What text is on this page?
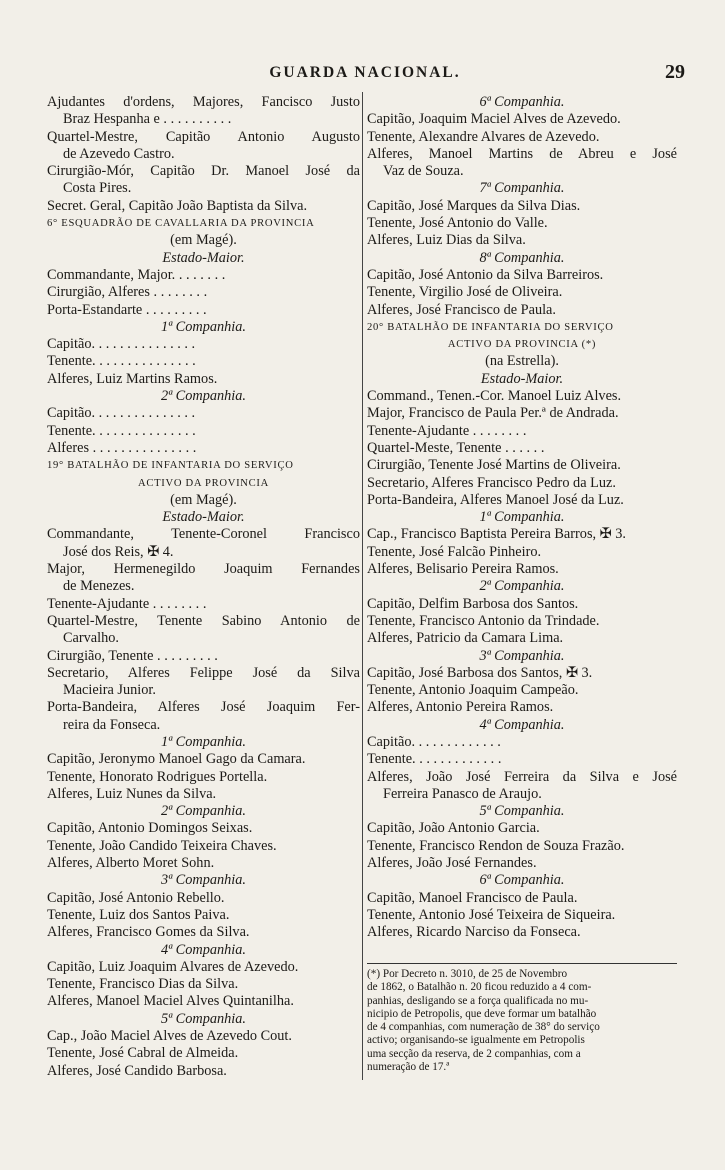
GUARDA NACIONAL.	29
Ajudantes d'ordens, Majores, Fancisco Justo
Braz Hespanha e . . . . . . . . . .
Quartel-Mestre, Capitão Antonio Augusto
de Azevedo Castro.
Cirurgião-Mór, Capitão Dr. Manoel José da
Costa Pires.
Secret. Geral, Capitão João Baptista da Silva.
6° ESQUADRÃO DE CAVALLARIA DA PROVINCIA
(em Magé).
Estado-Maior.
Commandante, Major. . . . . . . .
Cirurgião, Alferes . . . . . . . .
Porta-Estandarte . . . . . . . . .
1ª Companhia.
Capitão. . . . . . . . . . . . . . .
Tenente. . . . . . . . . . . . . . .
Alferes, Luiz Martins Ramos.
2ª Companhia.
Capitão. . . . . . . . . . . . . . .
Tenente. . . . . . . . . . . . . . .
Alferes . . . . . . . . . . . . . . .
19° BATALHÃO DE INFANTARIA DO SERVIÇO
ACTIVO DA PROVINCIA
(em Magé).
Estado-Maior.
Commandante, Tenente-Coronel Francisco
José dos Reis, ✠ 4.
Major, Hermenegildo Joaquim Fernandes
de Menezes.
Tenente-Ajudante . . . . . . . .
Quartel-Mestre, Tenente Sabino Antonio de
Carvalho.
Cirurgião, Tenente . . . . . . . . .
Secretario, Alferes Felippe José da Silva
Macieira Junior.
Porta-Bandeira, Alferes José Joaquim Fer-
reira da Fonseca.
1ª Companhia.
Capitão, Jeronymo Manoel Gago da Camara.
Tenente, Honorato Rodrigues Portella.
Alferes, Luiz Nunes da Silva.
2ª Companhia.
Capitão, Antonio Domingos Seixas.
Tenente, João Candido Teixeira Chaves.
Alferes, Alberto Moret Sohn.
3ª Companhia.
Capitão, José Antonio Rebello.
Tenente, Luiz dos Santos Paiva.
Alferes, Francisco Gomes da Silva.
4ª Companhia.
Capitão, Luiz Joaquim Alvares de Azevedo.
Tenente, Francisco Dias da Silva.
Alferes, Manoel Maciel Alves Quintanilha.
5ª Companhia.
Cap., João Maciel Alves de Azevedo Cout.
Tenente, José Cabral de Almeida.
Alferes, José Candido Barbosa.
6ª Companhia.
Capitão, Joaquim Maciel Alves de Azevedo.
Tenente, Alexandre Alvares de Azevedo.
Alferes, Manoel Martins de Abreu e José
Vaz de Souza.
7ª Companhia.
Capitão, José Marques da Silva Dias.
Tenente, José Antonio do Valle.
Alferes, Luiz Dias da Silva.
8ª Companhia.
Capitão, José Antonio da Silva Barreiros.
Tenente, Virgilio José de Oliveira.
Alferes, José Francisco de Paula.
20° BATALHÃO DE INFANTARIA DO SERVIÇO
ACTIVO DA PROVINCIA (*)
(na Estrella).
Estado-Maior.
Command., Tenen.-Cor. Manoel Luiz Alves.
Major, Francisco de Paula Per.ª de Andrada.
Tenente-Ajudante . . . . . . . .
Quartel-Meste, Tenente . . . . . .
Cirurgião, Tenente José Martins de Oliveira.
Secretario, Alferes Francisco Pedro da Luz.
Porta-Bandeira, Alferes Manoel José da Luz.
1ª Companhia.
Cap., Francisco Baptista Pereira Barros, ✠ 3.
Tenente, José Falcão Pinheiro.
Alferes, Belisario Pereira Ramos.
2ª Companhia.
Capitão, Delfim Barbosa dos Santos.
Tenente, Francisco Antonio da Trindade.
Alferes, Patricio da Camara Lima.
3ª Companhia.
Capitão, José Barbosa dos Santos, ✠ 3.
Tenente, Antonio Joaquim Campeão.
Alferes, Antonio Pereira Ramos.
4ª Companhia.
Capitão. . . . . . . . . . . . .
Tenente. . . . . . . . . . . . .
Alferes, João José Ferreira da Silva e José
Ferreira Panasco de Araujo.
5ª Companhia.
Capitão, João Antonio Garcia.
Tenente, Francisco Rendon de Souza Frazão.
Alferes, João José Fernandes.
6ª Companhia.
Capitão, Manoel Francisco de Paula.
Tenente, Antonio José Teixeira de Siqueira.
Alferes, Ricardo Narciso da Fonseca.
(*) Por Decreto n. 3010, de 25 de Novembro
de 1862, o Batalhão n. 20 ficou reduzido a 4 com-
panhias, desligando se a força qualificada no mu-
nicipio de Petropolis, que deve formar um batalhão
de 4 companhias, com numeração de 38° do serviço
activo; organisando-se igualmente em Petropolis
uma secção da reserva, de 2 companhias, com a
numeração de 17.ª
